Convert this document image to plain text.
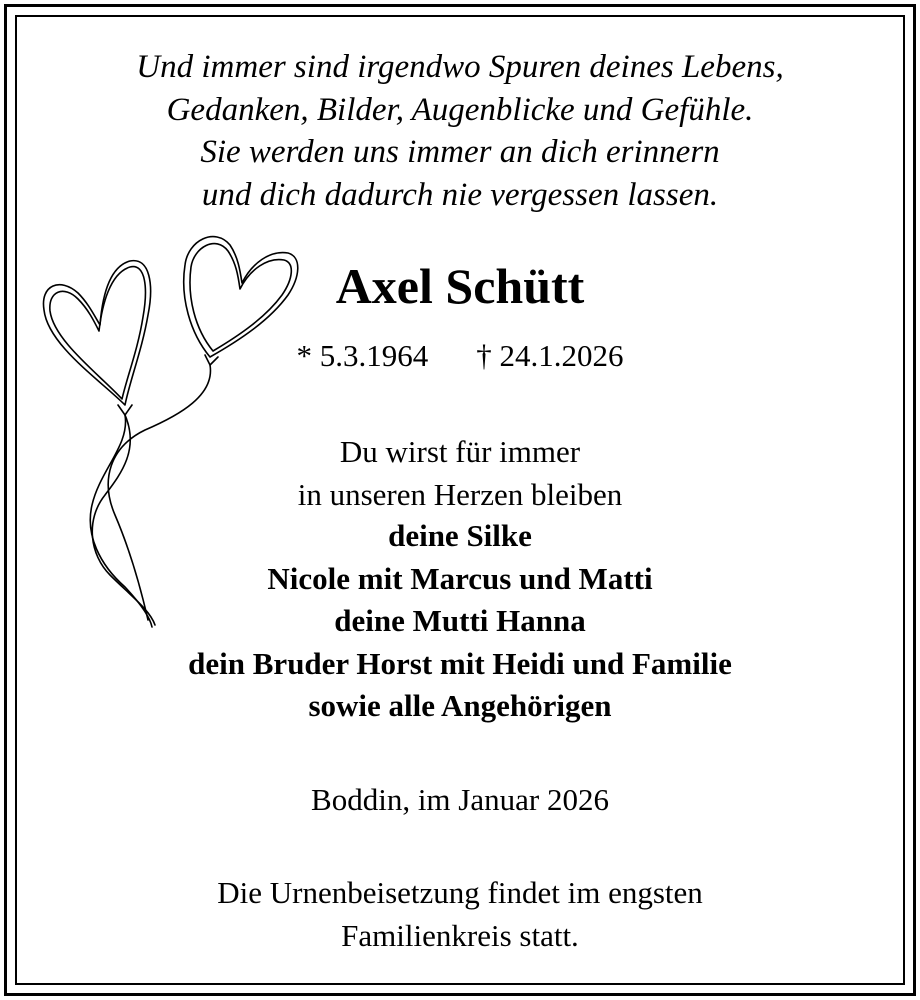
Und immer sind irgendwo Spuren deines Lebens,
Gedanken, Bilder, Augenblicke und Gefühle.
Sie werden uns immer an dich erinnern
und dich dadurch nie vergessen lassen.
Axel Schütt
* 5.3.1964 † 24.1.2026
Du wirst für immer
in unseren Herzen bleiben
deine Silke
Nicole mit Marcus und Matti
deine Mutti Hanna
dein Bruder Horst mit Heidi und Familie
sowie alle Angehörigen
Boddin, im Januar 2026
Die Urnenbeisetzung findet im engsten
Familienkreis statt.
